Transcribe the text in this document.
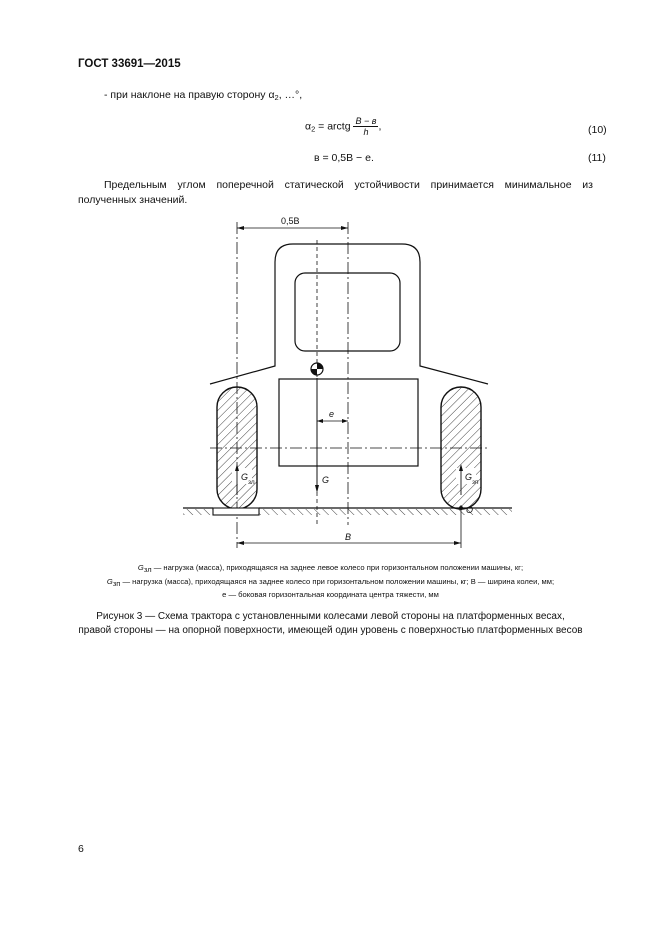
ГОСТ 33691—2015
- при наклоне на правую сторону $\alpha_2$, …°,
$\alpha_2$ = arctg $\frac{B - в}{h}$ ,	(10)
в = 0,5B − е.	(11)
Предельным углом поперечной статической устойчивости принимается минимальное из полученных значений.
0,5B
G
зл
G
зп
G
e
O
B
Gзл — нагрузка (масса), приходящаяся на заднее левое колесо при горизонтальном положении машины, кг;
Gзп — нагрузка (масса), приходящаяся на заднее колесо при горизонтальном положении машины, кг; B — ширина колеи, мм;
е — боковая горизонтальная координата центра тяжести, мм
Рисунок 3 — Схема трактора с установленными колесами левой стороны на платформенных весах,
правой стороны — на опорной поверхности, имеющей один уровень с поверхностью платформенных весов
6
